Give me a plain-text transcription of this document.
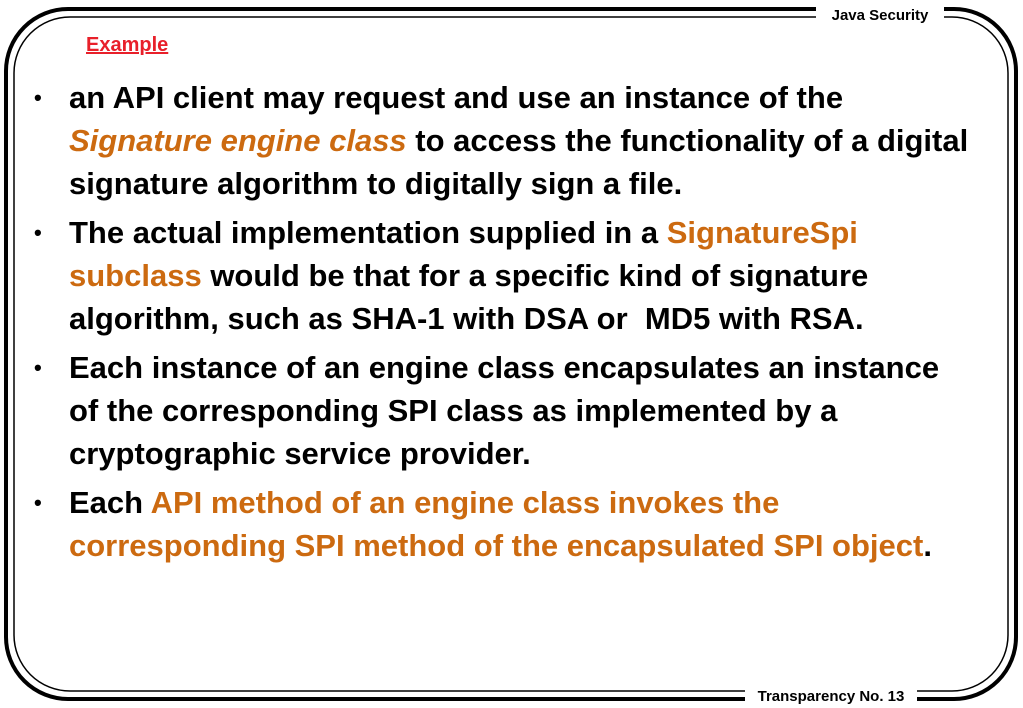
Java Security
Transparency No. 13
Example
• an API client may request and use an instance of the Signature engine class to access the functionality of a digital signature algorithm to digitally sign a file.
• The actual implementation supplied in a SignatureSpi subclass would be that for a specific kind of signature algorithm, such as SHA-1 with DSA or  MD5 with RSA.
• Each instance of an engine class encapsulates an instance of the corresponding SPI class as implemented by a   cryptographic service provider.
• Each API method of an engine class invokes the corresponding SPI method of the encapsulated SPI object.
